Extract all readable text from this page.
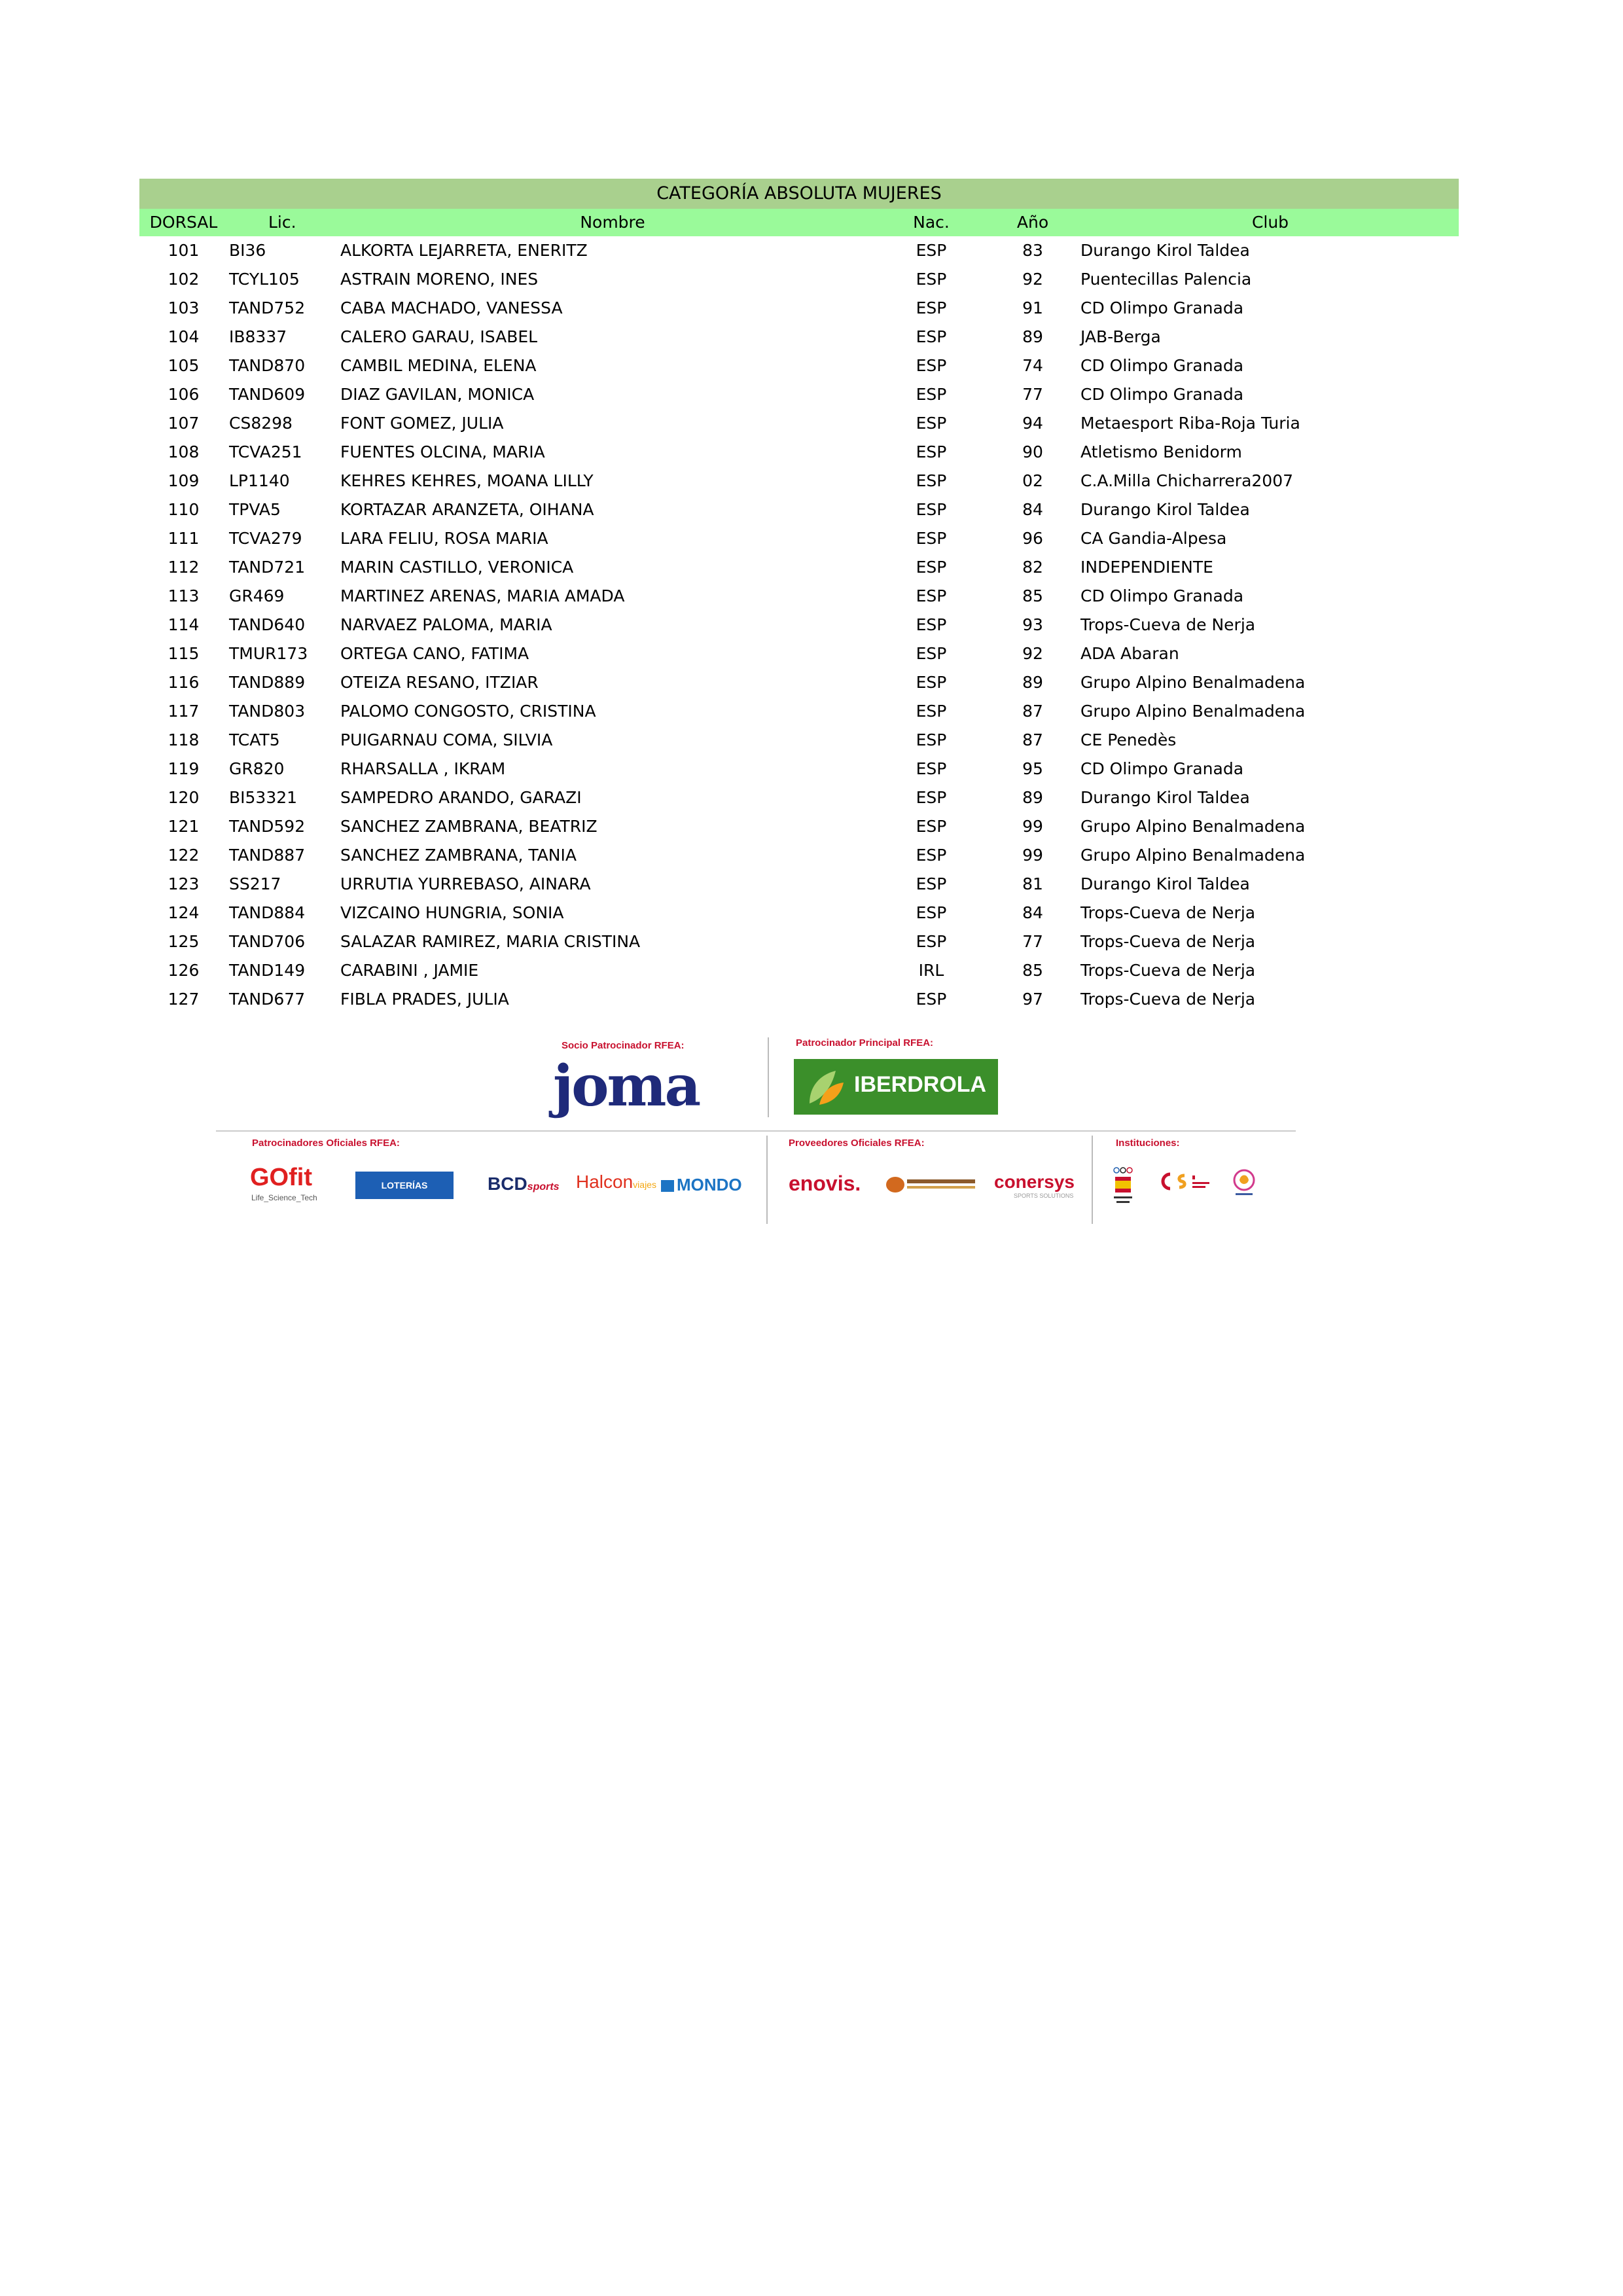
CATEGORÍA ABSOLUTA MUJERES
DORSAL	Lic.	Nombre	Nac.	Año	Club
101	BI36	ALKORTA LEJARRETA, ENERITZ	ESP	83	Durango Kirol Taldea
102	TCYL105	ASTRAIN MORENO, INES	ESP	92	Puentecillas Palencia
103	TAND752	CABA MACHADO, VANESSA	ESP	91	CD Olimpo Granada
104	IB8337	CALERO GARAU, ISABEL	ESP	89	JAB-Berga
105	TAND870	CAMBIL MEDINA, ELENA	ESP	74	CD Olimpo Granada
106	TAND609	DIAZ GAVILAN, MONICA	ESP	77	CD Olimpo Granada
107	CS8298	FONT GOMEZ, JULIA	ESP	94	Metaesport Riba-Roja Turia
108	TCVA251	FUENTES OLCINA, MARIA	ESP	90	Atletismo Benidorm
109	LP1140	KEHRES KEHRES, MOANA LILLY	ESP	02	C.A.Milla Chicharrera2007
110	TPVA5	KORTAZAR ARANZETA, OIHANA	ESP	84	Durango Kirol Taldea
111	TCVA279	LARA FELIU, ROSA MARIA	ESP	96	CA Gandia-Alpesa
112	TAND721	MARIN CASTILLO, VERONICA	ESP	82	INDEPENDIENTE
113	GR469	MARTINEZ ARENAS, MARIA AMADA	ESP	85	CD Olimpo Granada
114	TAND640	NARVAEZ PALOMA, MARIA	ESP	93	Trops-Cueva de Nerja
115	TMUR173	ORTEGA CANO, FATIMA	ESP	92	ADA Abaran
116	TAND889	OTEIZA RESANO, ITZIAR	ESP	89	Grupo Alpino Benalmadena
117	TAND803	PALOMO CONGOSTO, CRISTINA	ESP	87	Grupo Alpino Benalmadena
118	TCAT5	PUIGARNAU COMA, SILVIA	ESP	87	CE Penedès
119	GR820	RHARSALLA , IKRAM	ESP	95	CD Olimpo Granada
120	BI53321	SAMPEDRO ARANDO, GARAZI	ESP	89	Durango Kirol Taldea
121	TAND592	SANCHEZ ZAMBRANA, BEATRIZ	ESP	99	Grupo Alpino Benalmadena
122	TAND887	SANCHEZ ZAMBRANA, TANIA	ESP	99	Grupo Alpino Benalmadena
123	SS217	URRUTIA YURREBASO, AINARA	ESP	81	Durango Kirol Taldea
124	TAND884	VIZCAINO HUNGRIA, SONIA	ESP	84	Trops-Cueva de Nerja
125	TAND706	SALAZAR RAMIREZ, MARIA CRISTINA	ESP	77	Trops-Cueva de Nerja
126	TAND149	CARABINI , JAMIE	IRL	85	Trops-Cueva de Nerja
127	TAND677	FIBLA PRADES, JULIA	ESP	97	Trops-Cueva de Nerja
Socio Patrocinador RFEA:
joma
Patrocinador Principal RFEA:
IBERDROLA
Patrocinadores Oficiales RFEA:	Proveedores Oficiales RFEA:	Instituciones:
GOfit
Life_Science_Tech
LOTERÍAS	BCDsports Halconviajes	MONDO enovis.	conersys
SPORTS SOLUTIONS
